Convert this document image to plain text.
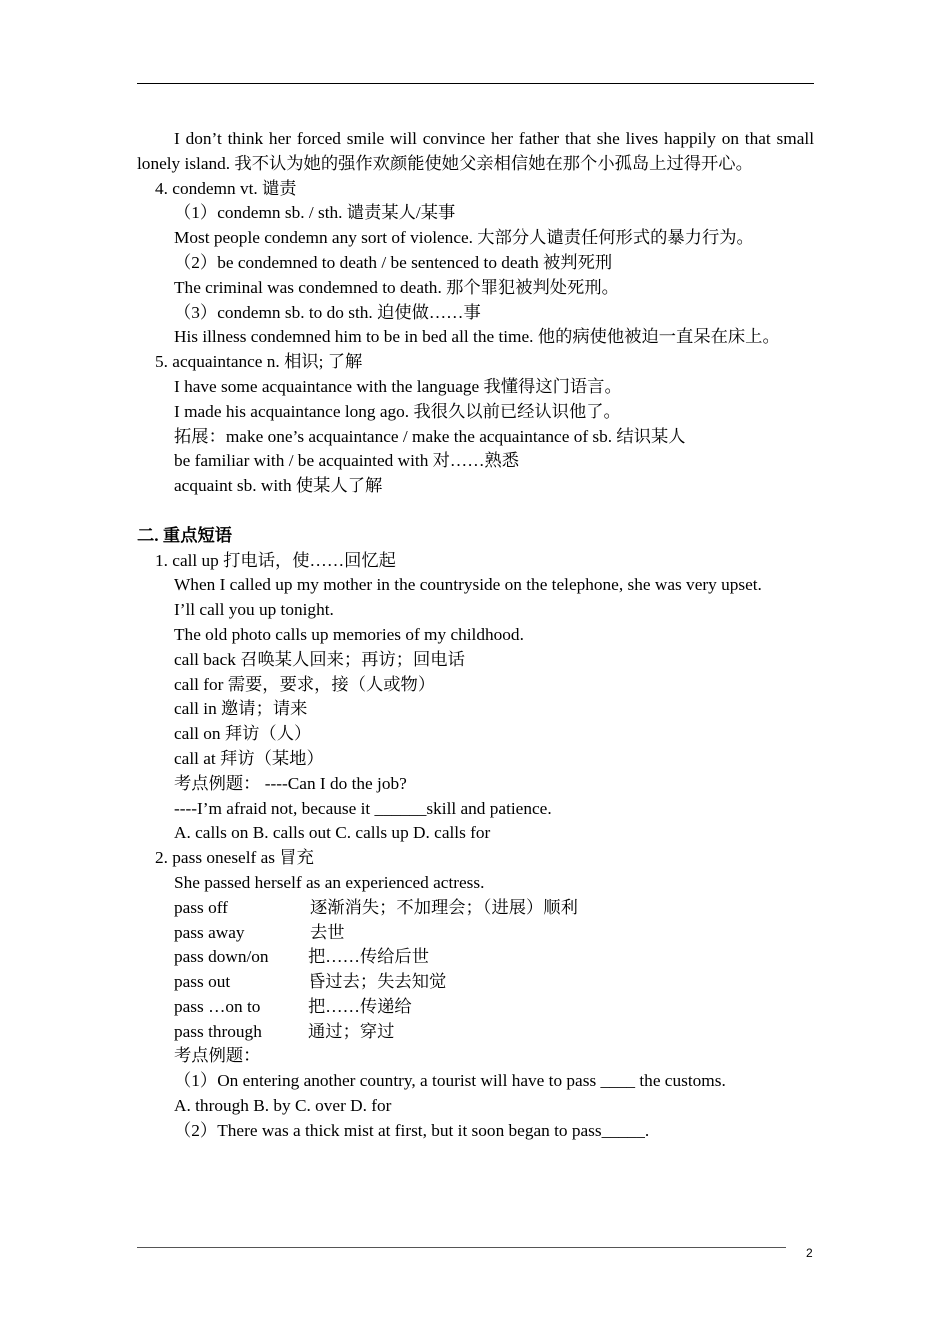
I don’t think her forced smile will convince her father that she lives happily on that small lonely island. 我不认为她的强作欢颜能使她父亲相信她在那个小孤岛上过得开心。

4. condemn vt. 谴责

（1）condemn sb. / sth. 谴责某人/某事

Most people condemn any sort of violence. 大部分人谴责任何形式的暴力行为。

（2）be condemned to death / be sentenced to death 被判死刑

The criminal was condemned to death. 那个罪犯被判处死刑。

（3）condemn sb. to do sth. 迫使做……事

His illness condemned him to be in bed all the time. 他的病使他被迫一直呆在床上。

5. acquaintance n. 相识; 了解

I have some acquaintance with the language 我懂得这门语言。

I made his acquaintance long ago. 我很久以前已经认识他了。

拓展：make one’s acquaintance / make the acquaintance of sb. 结识某人

be familiar with / be acquainted with 对……熟悉

acquaint sb. with 使某人了解

二. 重点短语

1. call up 打电话，使……回忆起

When I called up my mother in the countryside on the telephone, she was very upset.

I’ll call you up tonight.

The old photo calls up memories of my childhood.

call back 召唤某人回来；再访；回电话

call for 需要，要求，接（人或物）

call in 邀请；请来

call on 拜访（人）

call at 拜访（某地）

考点例题： ----Can I do the job?

----I’m afraid not, because it ______skill and patience.

A. calls on B. calls out C. calls up D. calls for

2. pass oneself as 冒充

She passed herself as an experienced actress.

pass off	逐渐消失；不加理会；（进展）顺利

pass away	去世

pass down/on 把……传给后世

pass out	昏过去；失去知觉

pass …on to	把……传递给

pass through	通过；穿过

考点例题：

（1）On entering another country, a tourist will have to pass ____ the customs.

A. through B. by C. over D. for

（2）There was a thick mist at first, but it soon began to pass_____.

2
